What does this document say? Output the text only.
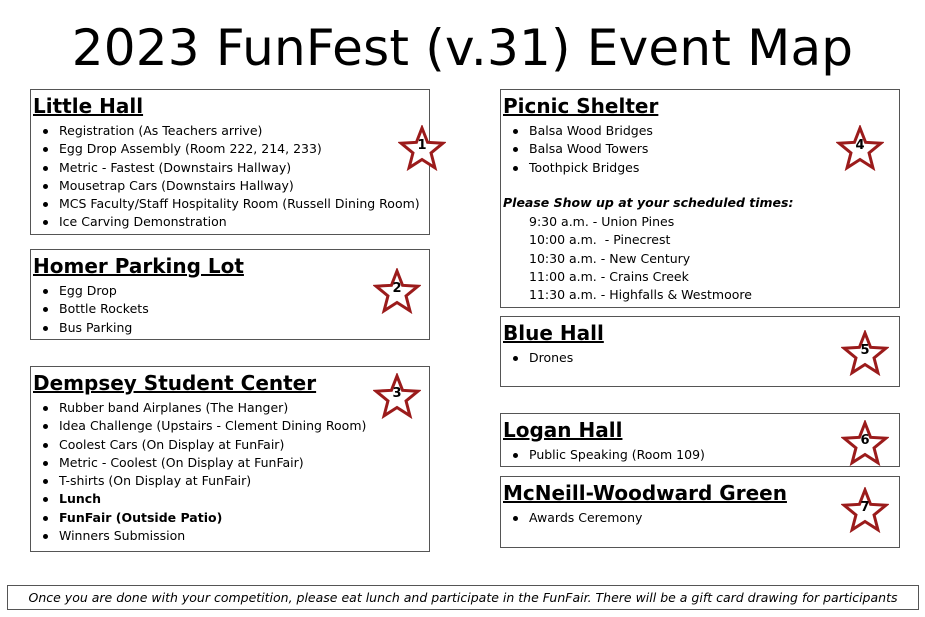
2023 FunFest (v.31) Event Map
Little Hall
Registration (As Teachers arrive)
Egg Drop Assembly (Room 222, 214, 233)
Metric - Fastest (Downstairs Hallway)
Mousetrap Cars (Downstairs Hallway)
MCS Faculty/Staff Hospitality Room (Russell Dining Room)
Ice Carving Demonstration
1
Homer Parking Lot
Egg Drop
Bottle Rockets
Bus Parking
2
Dempsey Student Center
Rubber band Airplanes (The Hanger)
Idea Challenge (Upstairs - Clement Dining Room)
Coolest Cars (On Display at FunFair)
Metric - Coolest (On Display at FunFair)
T-shirts (On Display at FunFair)
Lunch
FunFair (Outside Patio)
Winners Submission
3
Picnic Shelter
Balsa Wood Bridges
Balsa Wood Towers
Toothpick Bridges
Please Show up at your scheduled times:
9:30 a.m. - Union Pines
10:00 a.m.  - Pinecrest
10:30 a.m. - New Century
11:00 a.m. - Crains Creek
11:30 a.m. - Highfalls & Westmoore
4
Blue Hall
Drones	5
Logan Hall
Public Speaking (Room 109)
6
McNeill-Woodward Green
Awards Ceremony
7
Once you are done with your competition, please eat lunch and participate in the FunFair. There will be a gift card drawing for participants
